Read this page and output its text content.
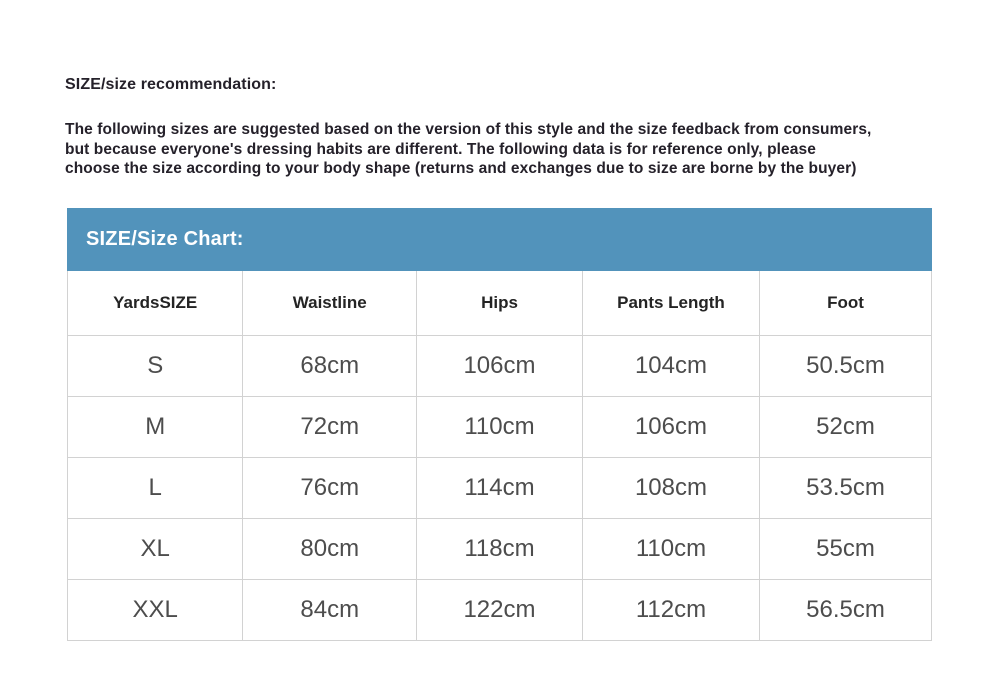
SIZE/size recommendation:
The following sizes are suggested based on the version of this style and the size feedback from consumers,
but because everyone's dressing habits are different. The following data is for reference only, please
choose the size according to your body shape (returns and exchanges due to size are borne by the buyer)
SIZE/Size Chart:
YardsSIZE	Waistline	Hips	Pants Length	Foot
S	68cm	106cm	104cm	50.5cm
M	72cm	110cm	106cm	52cm
L	76cm	114cm	108cm	53.5cm
XL	80cm	118cm	110cm	55cm
XXL	84cm	122cm	112cm	56.5cm
